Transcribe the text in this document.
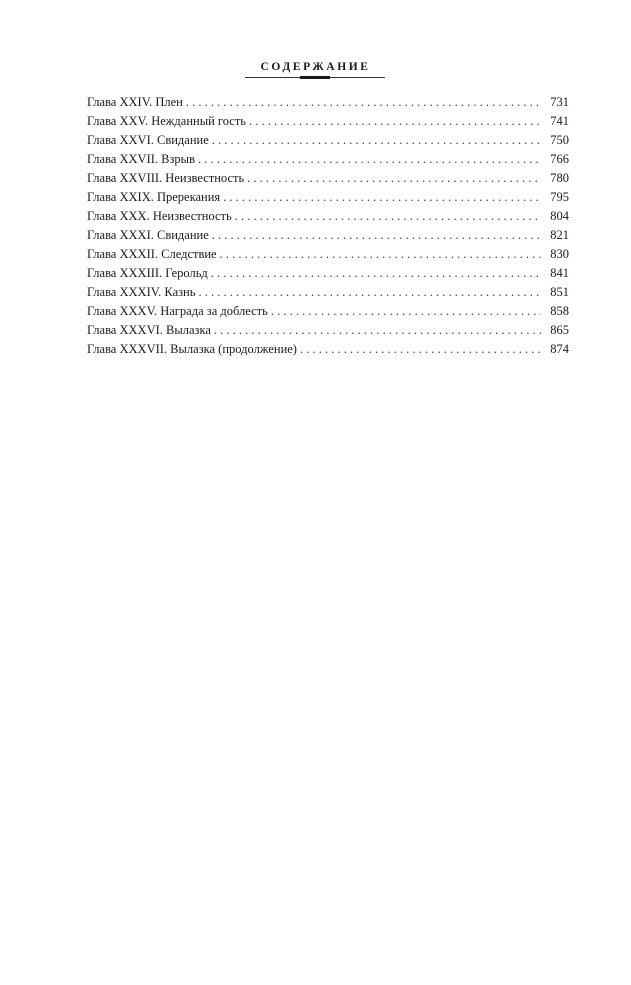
СОДЕРЖАНИЕ
Глава XXIV. Плен . . .	731
Глава XXV. Нежданный гость . . .	741
Глава XXVI. Свидание . . .	750
Глава XXVII. Взрыв . . .	766
Глава XXVIII. Неизвестность . . .	780
Глава XXIX. Пререкания . . .	795
Глава XXX. Неизвестность . . .	804
Глава XXXI. Свидание . . .	821
Глава XXXII. Следствие . . .	830
Глава XXXIII. Герольд . . .	841
Глава XXXIV. Казнь . . .	851
Глава XXXV. Награда за доблесть . . .	858
Глава XXXVI. Вылазка . . .	865
Глава XXXVII. Вылазка (продолжение) . . .	874
